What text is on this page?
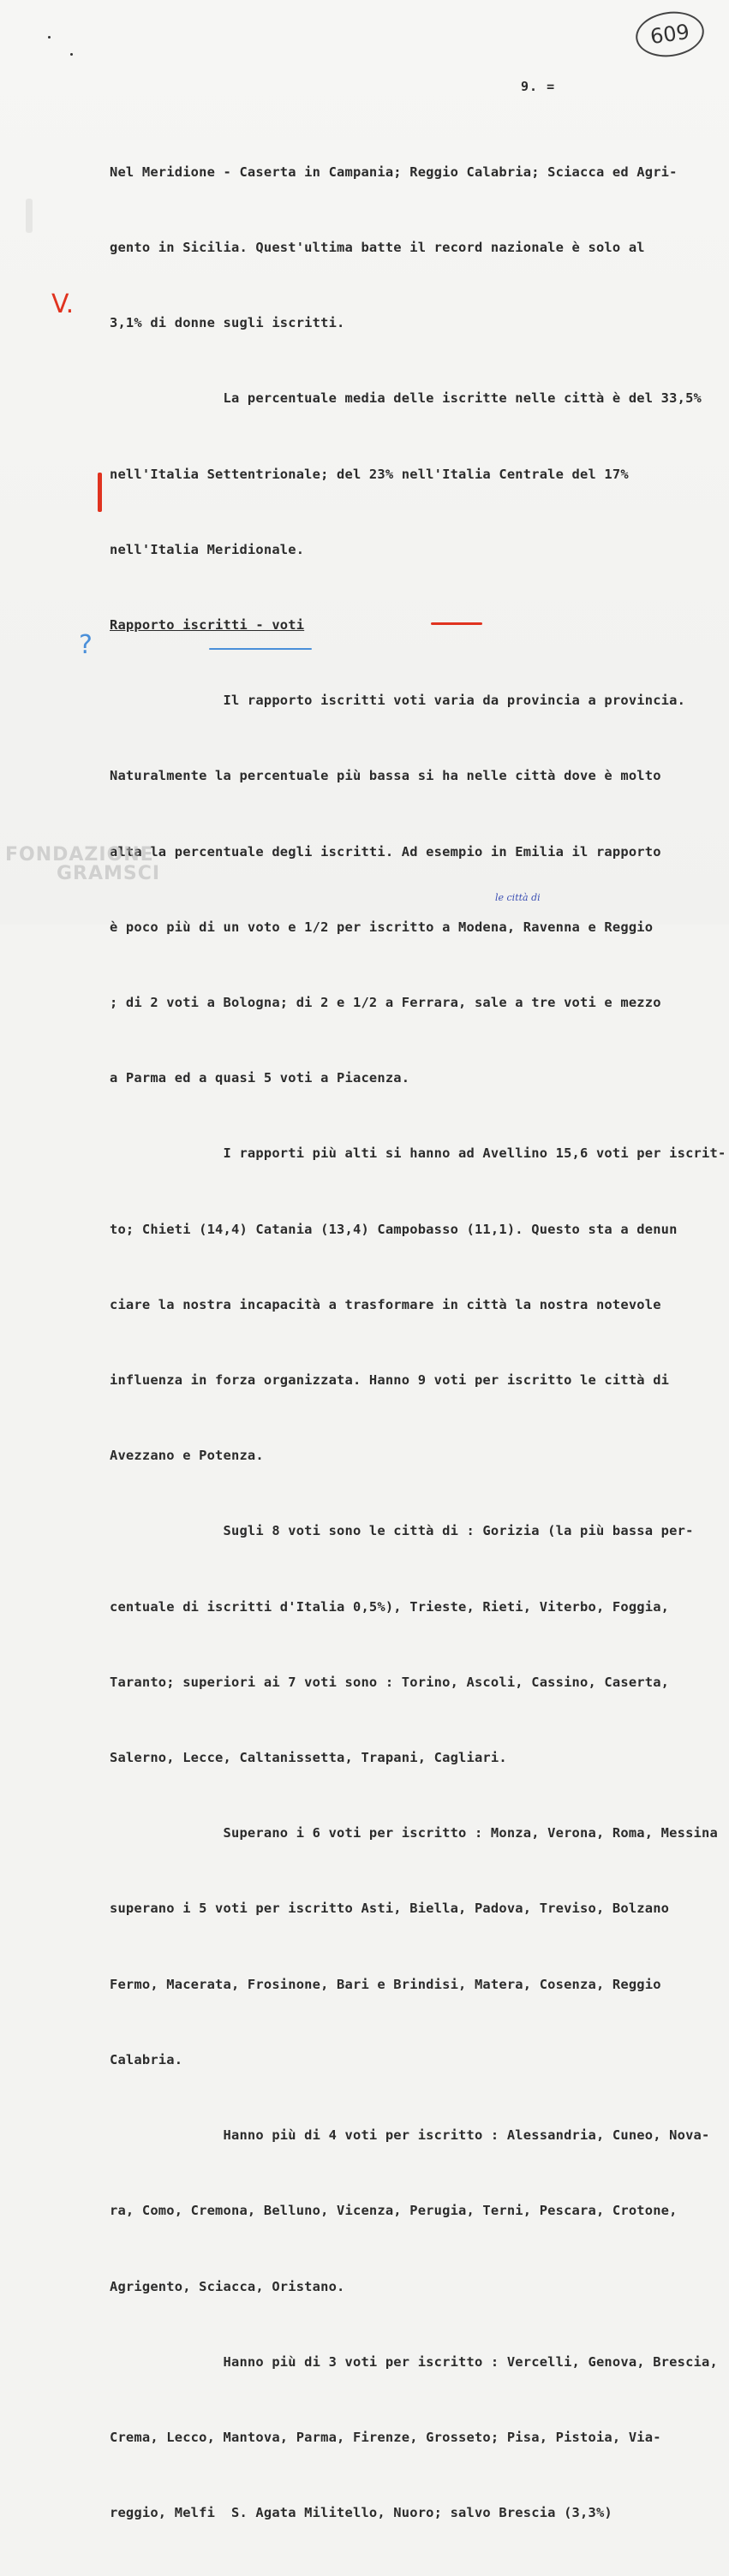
609
9. =

Nel Meridione - Caserta in Campania; Reggio Calabria; Sciacca ed Agri-

gento in Sicilia. Quest'ultima batte il record nazionale è solo al

3,1% di donne sugli iscritti.

La percentuale media delle iscritte nelle città è del 33,5%

nell'Italia Settentrionale; del 23% nell'Italia Centrale del 17%

nell'Italia Meridionale.

Rapporto iscritti - voti

Il rapporto iscritti voti varia da provincia a provincia.

Naturalmente la percentuale più bassa si ha nelle città dove è molto

alta la percentuale degli iscritti. Ad esempio in Emilia il rapporto

è poco più di un voto e 1/2 per iscritto a Modena, Ravenna e Reggio

; di 2 voti a Bologna; di 2 e 1/2 a Ferrara, sale a tre voti e mezzo

a Parma ed a quasi 5 voti a Piacenza.

I rapporti più alti si hanno ad Avellino 15,6 voti per iscrit-

to; Chieti (14,4) Catania (13,4) Campobasso (11,1). Questo sta a denun

ciare la nostra incapacità a trasformare in città la nostra notevole

influenza in forza organizzata. Hanno 9 voti per iscritto le città di

Avezzano e Potenza.

Sugli 8 voti sono le città di : Gorizia (la più bassa per-

centuale di iscritti d'Italia 0,5%), Trieste, Rieti, Viterbo, Foggia,

Taranto; superiori ai 7 voti sono : Torino, Ascoli, Cassino, Caserta,

Salerno, Lecce, Caltanissetta, Trapani, Cagliari.

Superano i 6 voti per iscritto : Monza, Verona, Roma, Messina

superano i 5 voti per iscritto Asti, Biella, Padova, Treviso, Bolzano

Fermo, Macerata, Frosinone, Bari e Brindisi, Matera, Cosenza, Reggio

Calabria.

Hanno più di 4 voti per iscritto : Alessandria, Cuneo, Nova-

ra, Como, Cremona, Belluno, Vicenza, Perugia, Terni, Pescara, Crotone,

Agrigento, Sciacca, Oristano.

Hanno più di 3 voti per iscritto : Vercelli, Genova, Brescia,

Crema, Lecco, Mantova, Parma, Firenze, Grosseto; Pisa, Pistoia, Via-

reggio, Melfi  S. Agata Militello, Nuoro; salvo Brescia (3,3%)

V.
?
le città di
FONDAZIONE
GRAMSCI
